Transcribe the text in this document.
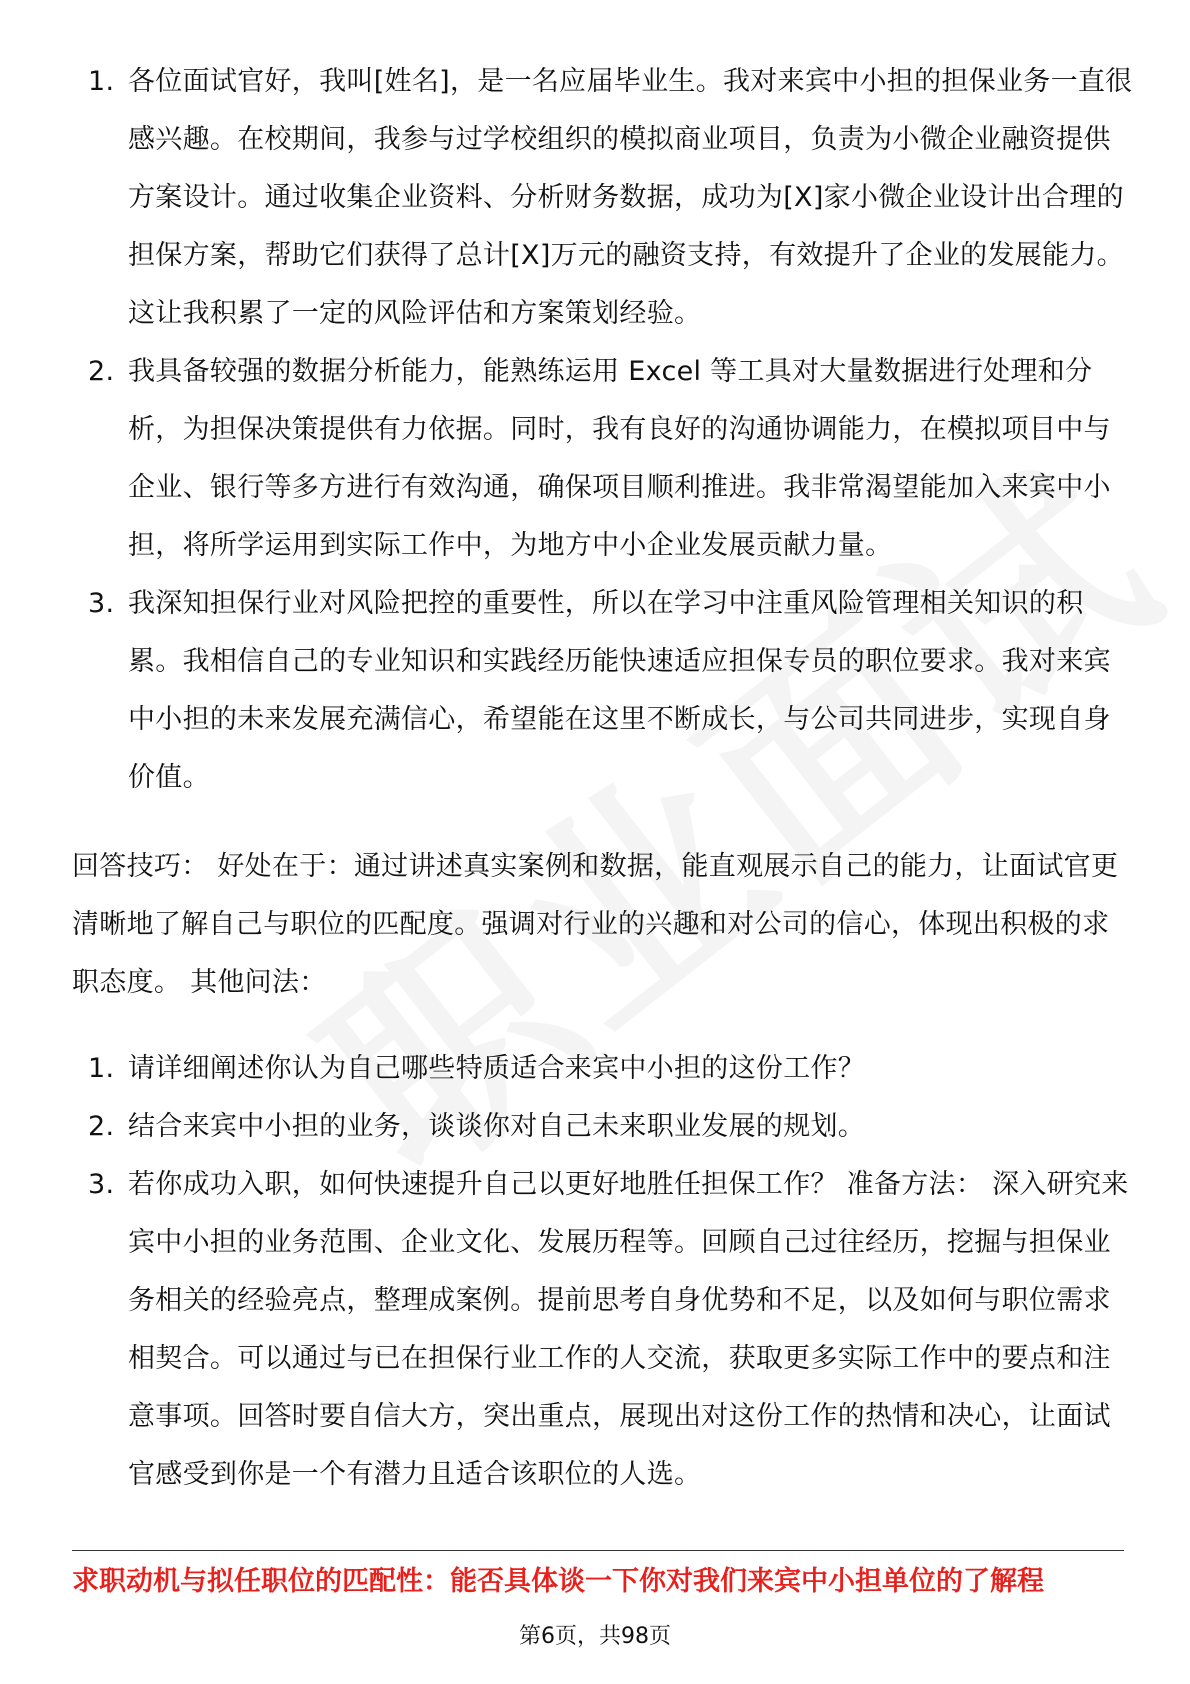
1. 各位面试官好，我叫[姓名]，是一名应届毕业生。我对来宾中小担的担保业务一直很感兴趣。在校期间，我参与过学校组织的模拟商业项目，负责为小微企业融资提供方案设计。通过收集企业资料、分析财务数据，成功为[X]家小微企业设计出合理的担保方案，帮助它们获得了总计[X]万元的融资支持，有效提升了企业的发展能力。这让我积累了一定的风险评估和方案策划经验。
2. 我具备较强的数据分析能力，能熟练运用 Excel 等工具对大量数据进行处理和分析，为担保决策提供有力依据。同时，我有良好的沟通协调能力，在模拟项目中与企业、银行等多方进行有效沟通，确保项目顺利推进。我非常渴望能加入来宾中小担，将所学运用到实际工作中，为地方中小企业发展贡献力量。
3. 我深知担保行业对风险把控的重要性，所以在学习中注重风险管理相关知识的积累。我相信自己的专业知识和实践经历能快速适应担保专员的职位要求。我对来宾中小担的未来发展充满信心，希望能在这里不断成长，与公司共同进步，实现自身价值。

回答技巧： 好处在于：通过讲述真实案例和数据，能直观展示自己的能力，让面试官更清晰地了解自己与职位的匹配度。强调对行业的兴趣和对公司的信心，体现出积极的求职态度。 其他问法：

1. 请详细阐述你认为自己哪些特质适合来宾中小担的这份工作？
2. 结合来宾中小担的业务，谈谈你对自己未来职业发展的规划。
3. 若你成功入职，如何快速提升自己以更好地胜任担保工作？ 准备方法： 深入研究来宾中小担的业务范围、企业文化、发展历程等。回顾自己过往经历，挖掘与担保业务相关的经验亮点，整理成案例。提前思考自身优势和不足，以及如何与职位需求相契合。可以通过与已在担保行业工作的人交流，获取更多实际工作中的要点和注意事项。回答时要自信大方，突出重点，展现出对这份工作的热情和决心，让面试官感受到你是一个有潜力且适合该职位的人选。
求职动机与拟任职位的匹配性：能否具体谈一下你对我们来宾中小担单位的了解程
第6页，共98页
